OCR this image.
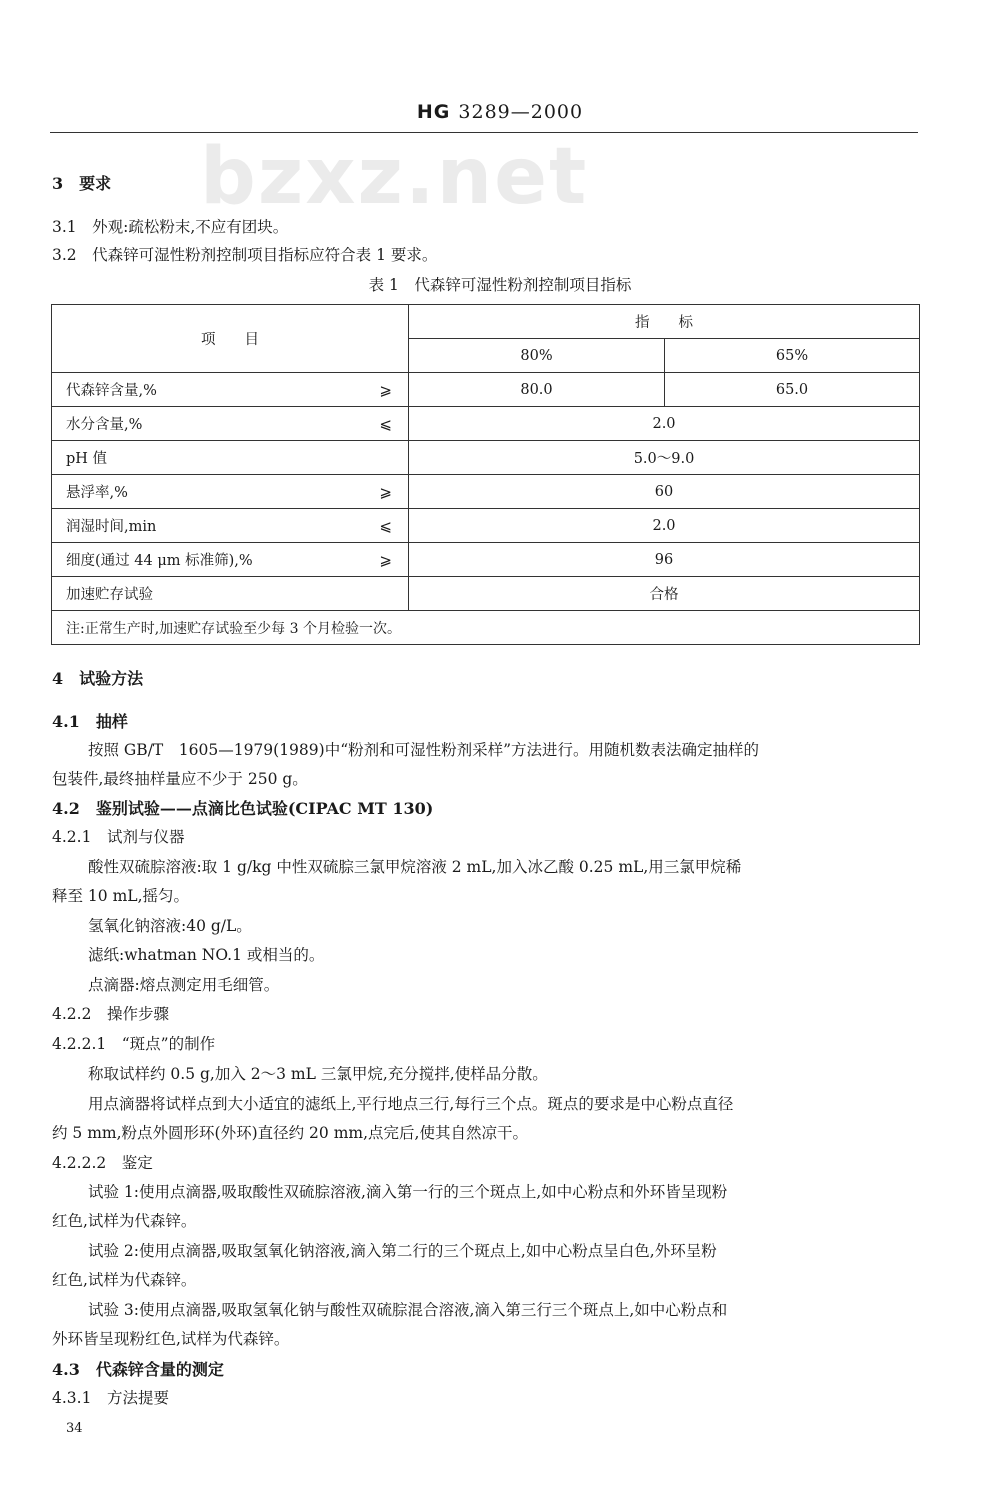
HG 3289—2000
bzxz.net
3　要求
3.1　外观:疏松粉末,不应有团块。
3.2　代森锌可湿性粉剂控制项目指标应符合表 1 要求。
表 1　代森锌可湿性粉剂控制项目指标
项　　目	指　　标	
	80%	65%
代森锌含量,% ⩾	80.0	65.0
水分含量,% ⩽	2.0	
pH 值	5.0～9.0	
悬浮率,% ⩾	60	
润湿时间,min ⩽	2.0	
细度(通过 44 μm 标准筛),% ⩾	96	
加速贮存试验	合格	
注:正常生产时,加速贮存试验至少每 3 个月检验一次。		
4　试验方法
4.1　抽样
按照 GB/T　1605—1979(1989)中“粉剂和可湿性粉剂采样”方法进行。用随机数表法确定抽样的
包装件,最终抽样量应不少于 250 g。
4.2　鉴别试验——点滴比色试验(CIPAC MT 130)
4.2.1　试剂与仪器
酸性双硫腙溶液:取 1 g/kg 中性双硫腙三氯甲烷溶液 2 mL,加入冰乙酸 0.25 mL,用三氯甲烷稀
释至 10 mL,摇匀。
氢氧化钠溶液:40 g/L。
滤纸:whatman NO.1 或相当的。
点滴器:熔点测定用毛细管。
4.2.2　操作步骤
4.2.2.1　“斑点”的制作
称取试样约 0.5 g,加入 2～3 mL 三氯甲烷,充分搅拌,使样品分散。
用点滴器将试样点到大小适宜的滤纸上,平行地点三行,每行三个点。斑点的要求是中心粉点直径
约 5 mm,粉点外圆形环(外环)直径约 20 mm,点完后,使其自然凉干。
4.2.2.2　鉴定
试验 1:使用点滴器,吸取酸性双硫腙溶液,滴入第一行的三个斑点上,如中心粉点和外环皆呈现粉
红色,试样为代森锌。
试验 2:使用点滴器,吸取氢氧化钠溶液,滴入第二行的三个斑点上,如中心粉点呈白色,外环呈粉
红色,试样为代森锌。
试验 3:使用点滴器,吸取氢氧化钠与酸性双硫腙混合溶液,滴入第三行三个斑点上,如中心粉点和
外环皆呈现粉红色,试样为代森锌。
4.3　代森锌含量的测定
4.3.1　方法提要
34
